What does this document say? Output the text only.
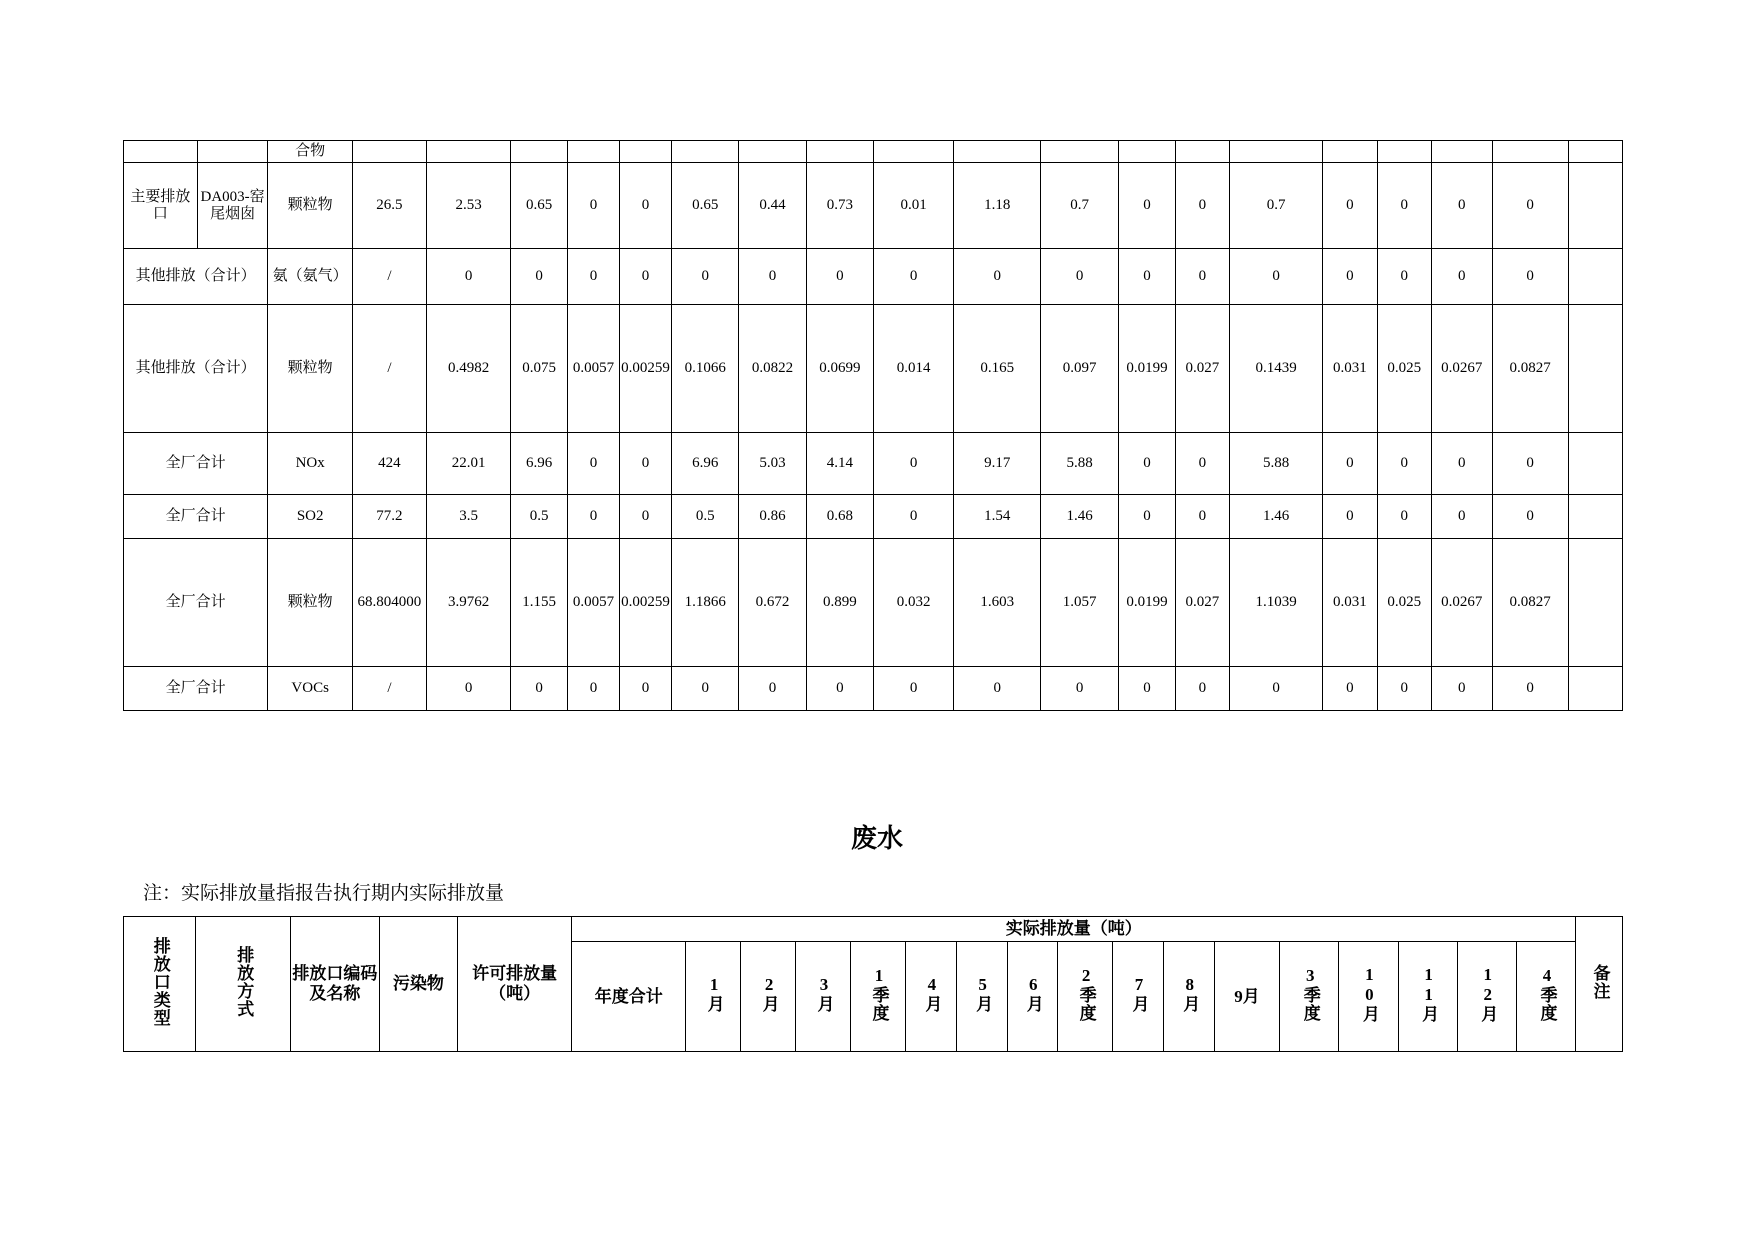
		合物																			
主要排放口	DA003-窑尾烟囱	颗粒物	26.5	2.53	0.65	0	0	0.65	0.44	0.73	0.01	1.18	0.7	0	0	0.7	0	0	0	0	
其他排放（合计）		氨（氨气）	/	0	0	0	0	0	0	0	0	0	0	0	0	0	0	0	0	0	
其他排放（合计）		颗粒物	/	0.4982	0.075	0.0057	0.00259	0.1066	0.0822	0.0699	0.014	0.165	0.097	0.0199	0.027	0.1439	0.031	0.025	0.0267	0.0827	
全厂合计		NOx	424	22.01	6.96	0	0	6.96	5.03	4.14	0	9.17	5.88	0	0	5.88	0	0	0	0	
全厂合计		SO2	77.2	3.5	0.5	0	0	0.5	0.86	0.68	0	1.54	1.46	0	0	1.46	0	0	0	0	
全厂合计		颗粒物	68.804000	3.9762	1.155	0.0057	0.00259	1.1866	0.672	0.899	0.032	1.603	1.057	0.0199	0.027	1.1039	0.031	0.025	0.0267	0.0827	
全厂合计		VOCs	/	0	0	0	0	0	0	0	0	0	0	0	0	0	0	0	0	0	
废水
注：实际排放量指报告执行期内实际排放量
排放口类型	排放方式	排放口编码及名称	污染物	许可排放量（吨）	实际排放量（吨）																	备注
					年度合计	1月	2月	3月	1季度	4月	5月	6月	2季度	7月	8月	9月	3季度	10月	11月	12月	4季度	
